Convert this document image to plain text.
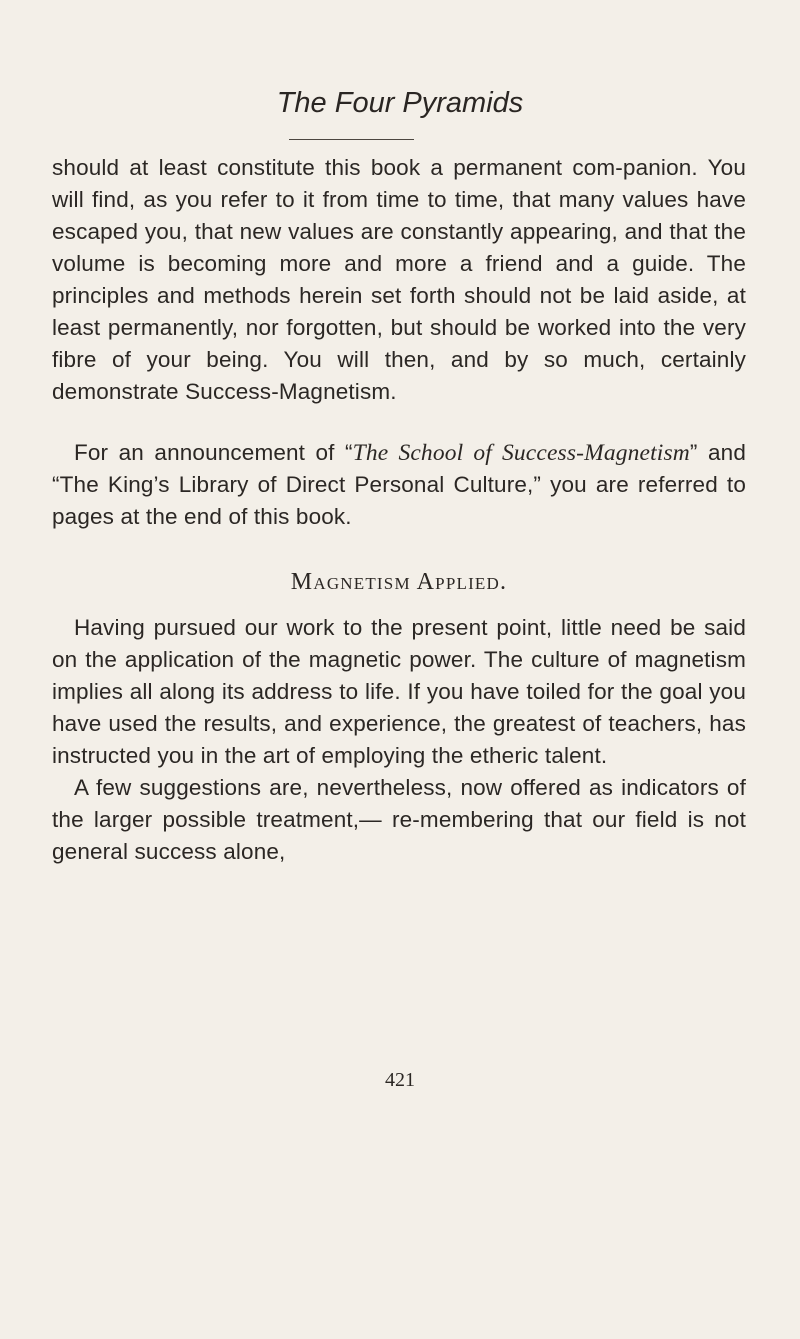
The Four Pyramids

should at least constitute this book a permanent com-panion. You will find, as you refer to it from time to time, that many values have escaped you, that new values are constantly appearing, and that the volume is becoming more and more a friend and a guide. The principles and methods herein set forth should not be laid aside, at least permanently, nor forgotten, but should be worked into the very fibre of your being. You will then, and by so much, certainly demonstrate Success-Magnetism.

For an announcement of “The School of Success-Magnetism” and “The King’s Library of Direct Personal Culture,” you are referred to pages at the end of this book.

Magnetism Applied.

Having pursued our work to the present point, little need be said on the application of the magnetic power. The culture of magnetism implies all along its address to life. If you have toiled for the goal you have used the results, and experience, the greatest of teachers, has instructed you in the art of employing the etheric talent.

A few suggestions are, nevertheless, now offered as indicators of the larger possible treatment,— re-membering that our field is not general success alone,

421
